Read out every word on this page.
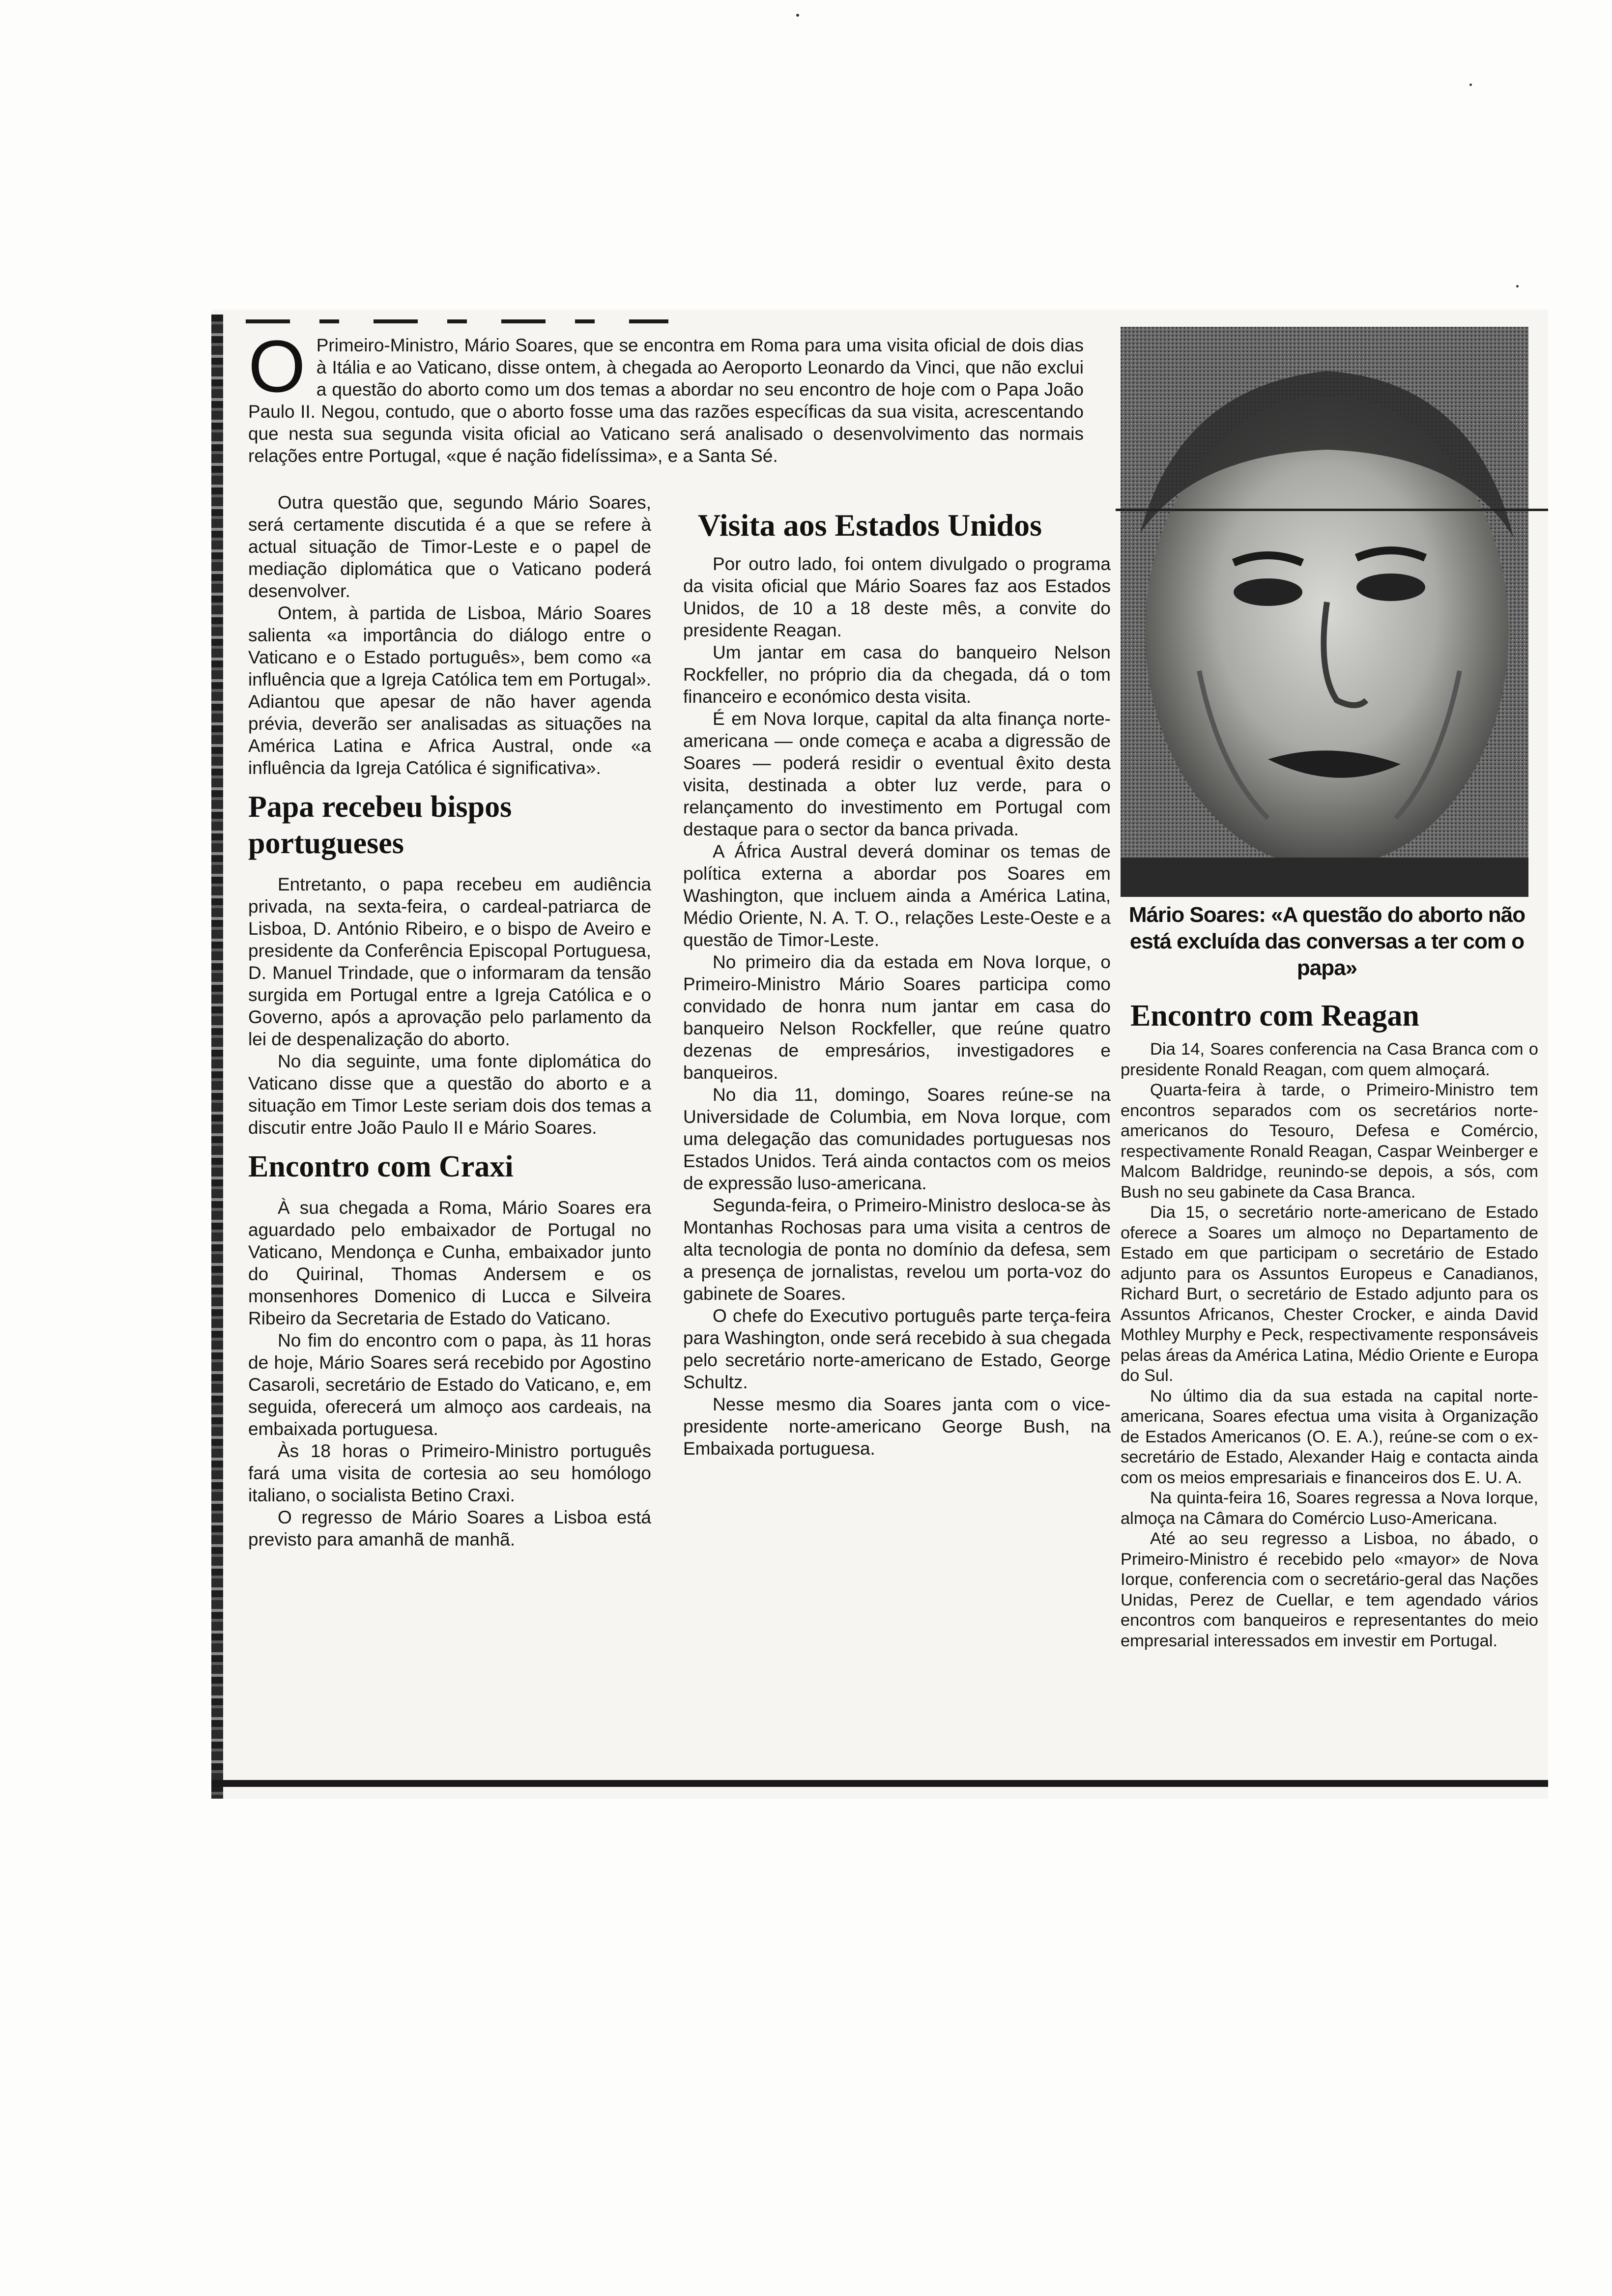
O Primeiro-Ministro, Mário Soares, que se encontra em Roma para uma visita oficial de dois dias à Itália e ao Vaticano, disse ontem, à chegada ao Aeroporto Leonardo da Vinci, que não exclui a questão do aborto como um dos temas a abordar no seu encontro de hoje com o Papa João Paulo II. Negou, contudo, que o aborto fosse uma das razões específicas da sua visita, acrescentando que nesta sua segunda visita oficial ao Vaticano será analisado o desenvolvimento das normais relações entre Portugal, «que é nação fidelíssima», e a Santa Sé.

Outra questão que, segundo Mário Soares, será certamente discutida é a que se refere à actual situação de Timor-Leste e o papel de mediação diplomática que o Vaticano poderá desenvolver.

Ontem, à partida de Lisboa, Mário Soares salienta «a importância do diálogo entre o Vaticano e o Estado português», bem como «a influência que a Igreja Católica tem em Portugal». Adiantou que apesar de não haver agenda prévia, deverão ser analisadas as situações na América Latina e Africa Austral, onde «a influência da Igreja Católica é significativa».

Papa recebeu bispos portugueses

Entretanto, o papa recebeu em audiência privada, na sexta-feira, o cardeal-patriarca de Lisboa, D. António Ribeiro, e o bispo de Aveiro e presidente da Conferência Episcopal Portuguesa, D. Manuel Trindade, que o informaram da tensão surgida em Portugal entre a Igreja Católica e o Governo, após a aprovação pelo parlamento da lei de despenalização do aborto.

No dia seguinte, uma fonte diplomática do Vaticano disse que a questão do aborto e a situação em Timor Leste seriam dois dos temas a discutir entre João Paulo II e Mário Soares.

Encontro com Craxi

À sua chegada a Roma, Mário Soares era aguardado pelo embaixador de Portugal no Vaticano, Mendonça e Cunha, embaixador junto do Quirinal, Thomas Andersem e os monsenhores Domenico di Lucca e Silveira Ribeiro da Secretaria de Estado do Vaticano.

No fim do encontro com o papa, às 11 horas de hoje, Mário Soares será recebido por Agostino Casaroli, secretário de Estado do Vaticano, e, em seguida, oferecerá um almoço aos cardeais, na embaixada portuguesa.

Às 18 horas o Primeiro-Ministro português fará uma visita de cortesia ao seu homólogo italiano, o socialista Betino Craxi.

O regresso de Mário Soares a Lisboa está previsto para amanhã de manhã.

Visita aos Estados Unidos

Por outro lado, foi ontem divulgado o programa da visita oficial que Mário Soares faz aos Estados Unidos, de 10 a 18 deste mês, a convite do presidente Reagan.

Um jantar em casa do banqueiro Nelson Rockfeller, no próprio dia da chegada, dá o tom financeiro e económico desta visita.

É em Nova Iorque, capital da alta finança norte-americana — onde começa e acaba a digressão de Soares — poderá residir o eventual êxito desta visita, destinada a obter luz verde, para o relançamento do investimento em Portugal com destaque para o sector da banca privada.

A África Austral deverá dominar os temas de política externa a abordar pos Soares em Washington, que incluem ainda a América Latina, Médio Oriente, N. A. T. O., relações Leste-Oeste e a questão de Timor-Leste.

No primeiro dia da estada em Nova Iorque, o Primeiro-Ministro Mário Soares participa como convidado de honra num jantar em casa do banqueiro Nelson Rockfeller, que reúne quatro dezenas de empresários, investigadores e banqueiros.

No dia 11, domingo, Soares reúne-se na Universidade de Columbia, em Nova Iorque, com uma delegação das comunidades portuguesas nos Estados Unidos. Terá ainda contactos com os meios de expressão luso-americana.

Segunda-feira, o Primeiro-Ministro desloca-se às Montanhas Rochosas para uma visita a centros de alta tecnologia de ponta no domínio da defesa, sem a presença de jornalistas, revelou um porta-voz do gabinete de Soares.

O chefe do Executivo português parte terça-feira para Washington, onde será recebido à sua chegada pelo secretário norte-americano de Estado, George Schultz.

Nesse mesmo dia Soares janta com o vice-presidente norte-americano George Bush, na Embaixada portuguesa.

Mário Soares: «A questão do aborto não está excluída das conversas a ter com o papa»
Encontro com Reagan

Dia 14, Soares conferencia na Casa Branca com o presidente Ronald Reagan, com quem almoçará.

Quarta-feira à tarde, o Primeiro-Ministro tem encontros separados com os secretários norte-americanos do Tesouro, Defesa e Comércio, respectivamente Ronald Reagan, Caspar Weinberger e Malcom Baldridge, reunindo-se depois, a sós, com Bush no seu gabinete da Casa Branca.

Dia 15, o secretário norte-americano de Estado oferece a Soares um almoço no Departamento de Estado em que participam o secretário de Estado adjunto para os Assuntos Europeus e Canadianos, Richard Burt, o secretário de Estado adjunto para os Assuntos Africanos, Chester Crocker, e ainda David Mothley Murphy e Peck, respectivamente responsáveis pelas áreas da América Latina, Médio Oriente e Europa do Sul.

No último dia da sua estada na capital norte-americana, Soares efectua uma visita à Organização de Estados Americanos (O. E. A.), reúne-se com o ex-secretário de Estado, Alexander Haig e contacta ainda com os meios empresariais e financeiros dos E. U. A.

Na quinta-feira 16, Soares regressa a Nova Iorque, almoça na Câmara do Comércio Luso-Americana.

Até ao seu regresso a Lisboa, no ábado, o Primeiro-Ministro é recebido pelo «mayor» de Nova Iorque, conferencia com o secretário-geral das Nações Unidas, Perez de Cuellar, e tem agendado vários encontros com banqueiros e representantes do meio empresarial interessados em investir em Portugal.
